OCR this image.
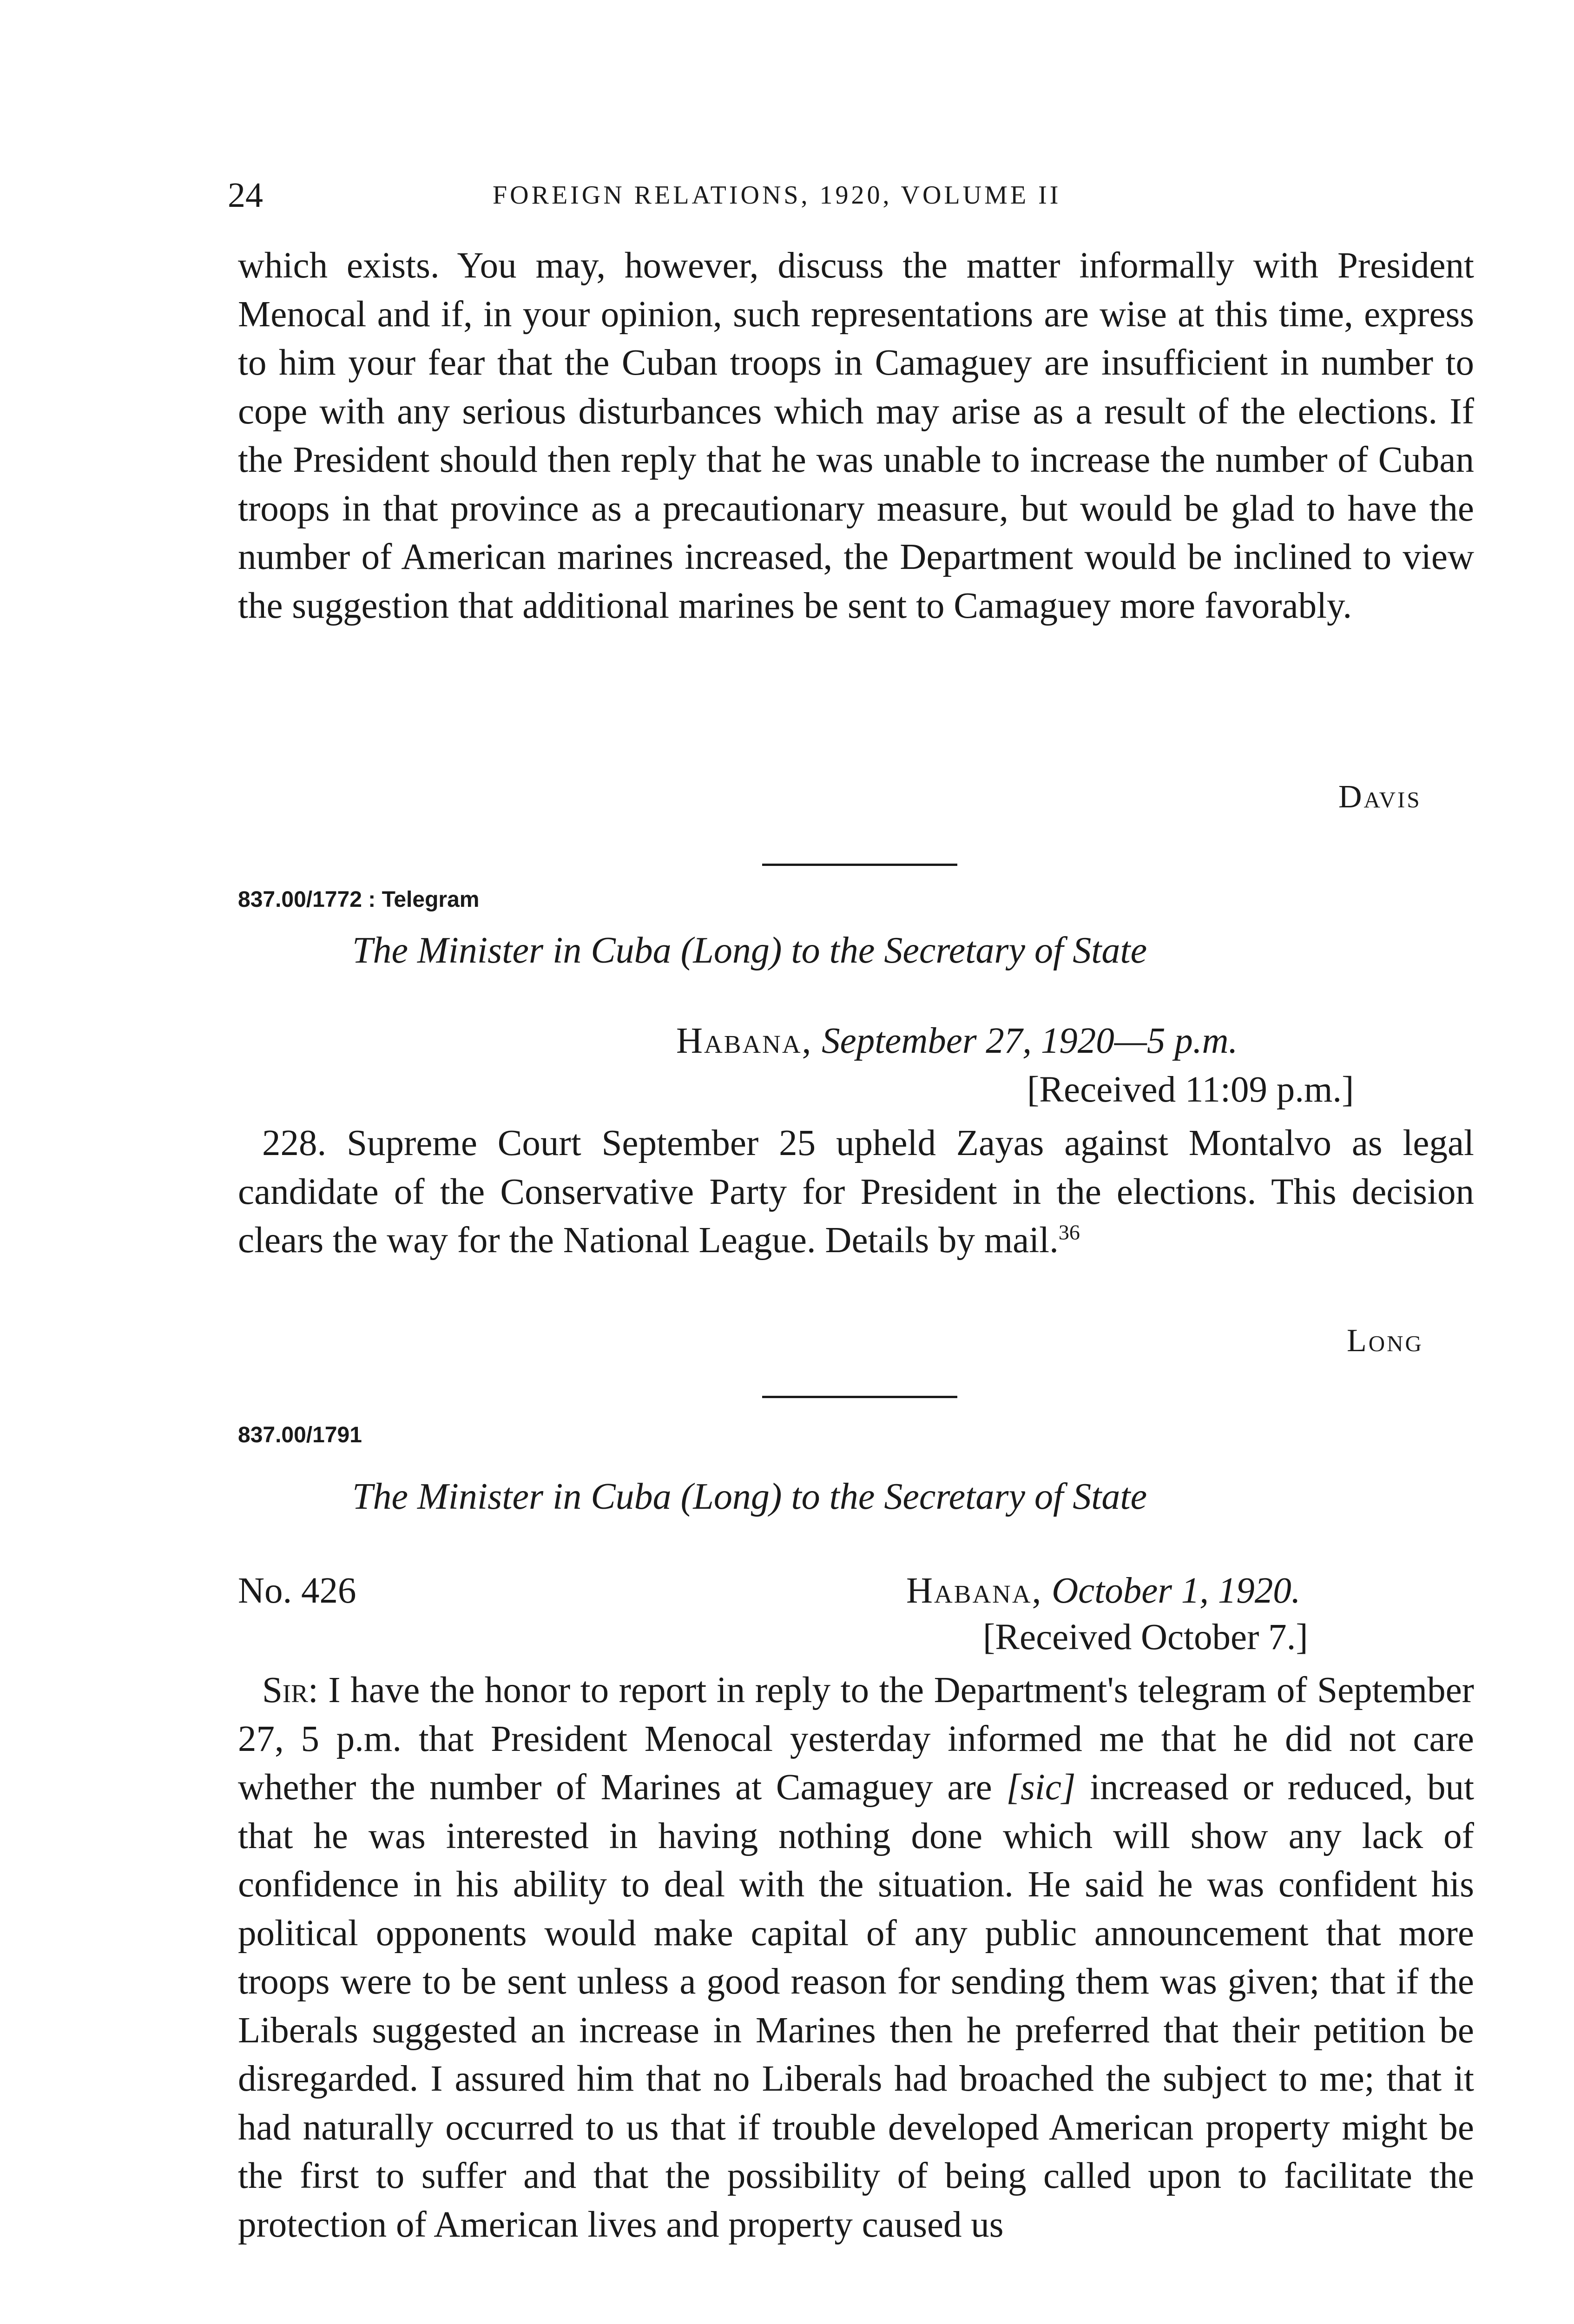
24	FOREIGN RELATIONS, 1920, VOLUME II

which exists. You may, however, discuss the matter informally with President Menocal and if, in your opinion, such representations are wise at this time, express to him your fear that the Cuban troops in Camaguey are insufficient in number to cope with any serious disturbances which may arise as a result of the elections. If the President should then reply that he was unable to increase the number of Cuban troops in that province as a precautionary measure, but would be glad to have the number of American marines increased, the Department would be inclined to view the suggestion that additional marines be sent to Camaguey more favorably.

Davis
837.00/1772 : Telegram
The Minister in Cuba (Long) to the Secretary of State
Habana, September 27, 1920—5 p.m.
[Received 11:09 p.m.]

228. Supreme Court September 25 upheld Zayas against Montalvo as legal candidate of the Conservative Party for President in the elections. This decision clears the way for the National League. Details by mail.$^{36}$

Long
837.00/1791
The Minister in Cuba (Long) to the Secretary of State
No. 426	Habana, October 1, 1920.
[Received October 7.]

Sir: I have the honor to report in reply to the Department's telegram of September 27, 5 p.m. that President Menocal yesterday informed me that he did not care whether the number of Marines at Camaguey are [sic] increased or reduced, but that he was interested in having nothing done which will show any lack of confidence in his ability to deal with the situation. He said he was confident his political opponents would make capital of any public announcement that more troops were to be sent unless a good reason for sending them was given; that if the Liberals suggested an increase in Marines then he preferred that their petition be disregarded. I assured him that no Liberals had broached the subject to me; that it had naturally occurred to us that if trouble developed American property might be the first to suffer and that the possibility of being called upon to facilitate the protection of American lives and property caused us
